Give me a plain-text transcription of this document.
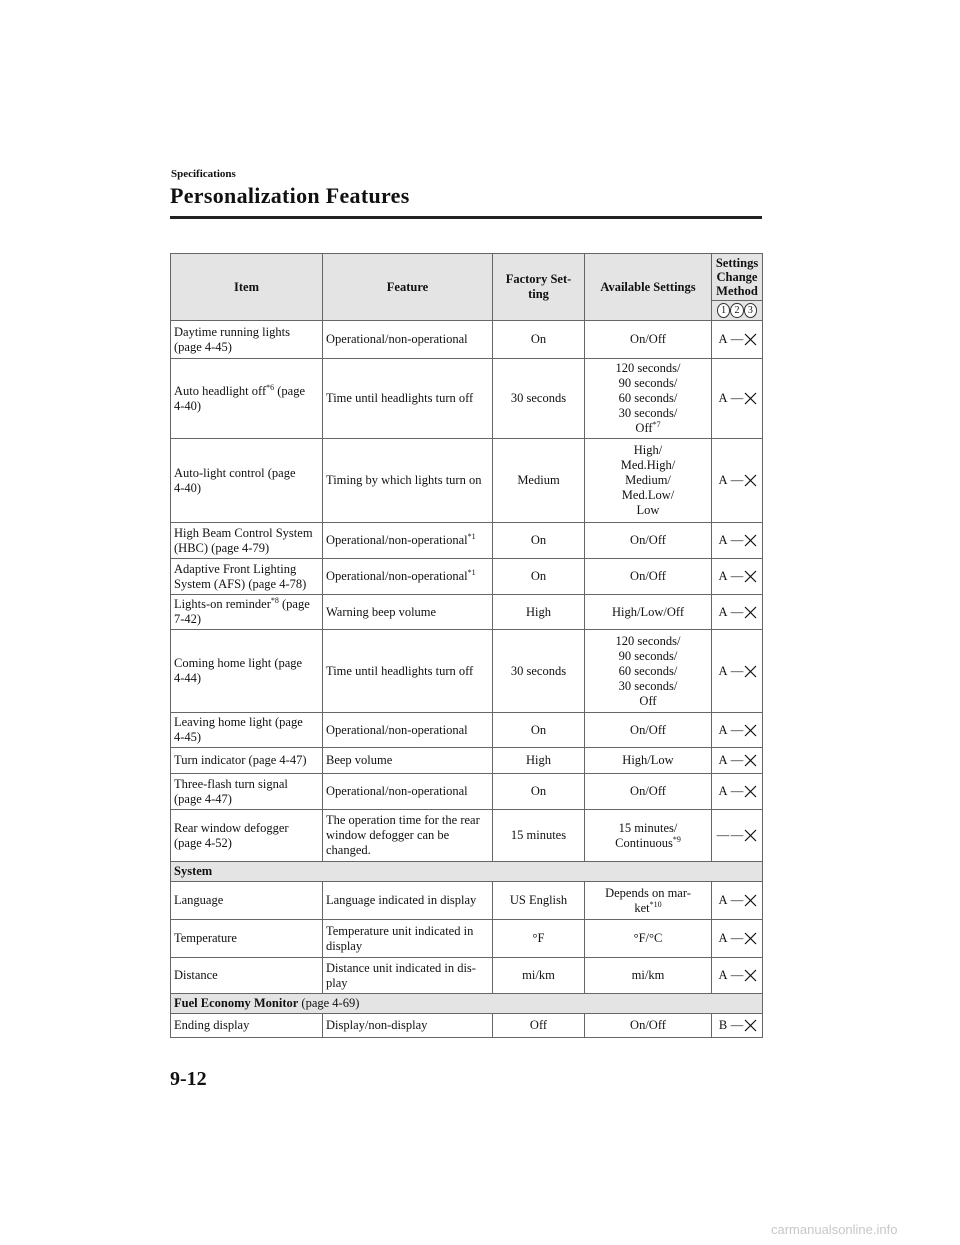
Specifications
Personalization Features
Item	Feature	Factory Set-
ting	Available Settings	Settings
Change
Method

				1 2 3

Daytime running lights
(page 4-45)	Operational/non-operational	On	On/Off	A —

Auto headlight off$^{*6}$ (page
4-40)	Time until headlights turn off	30 seconds	120 seconds/
90 seconds/
60 seconds/
30 seconds/
Off$^{*7}$	A —

Auto-light control (page
4-40)	Timing by which lights turn on	Medium	High/
Med.High/
Medium/
Med.Low/
Low	A —

High Beam Control System
(HBC) (page 4-79)	Operational/non-operational$^{*1}$	On	On/Off	A —

Adaptive Front Lighting
System (AFS) (page 4-78)	Operational/non-operational$^{*1}$	On	On/Off	A —

Lights-on reminder$^{*8}$ (page
7-42)	Warning beep volume	High	High/Low/Off	A —

Coming home light (page
4-44)	Time until headlights turn off	30 seconds	120 seconds/
90 seconds/
60 seconds/
30 seconds/
Off	A —

Leaving home light (page
4-45)	Operational/non-operational	On	On/Off	A —

Turn indicator (page 4-47)	Beep volume	High	High/Low	A —

Three-flash turn signal
(page 4-47)	Operational/non-operational	On	On/Off	A —

Rear window defogger
(page 4-52)	The operation time for the rear
window defogger can be
changed.	15 minutes	15 minutes/
Continuous$^{*9}$	— —

System				
Language	Language indicated in display	US English	Depends on mar-
ket$^{*10}$	A —

Temperature	Temperature unit indicated in
display	°F	°F/°C	A —

Distance	Distance unit indicated in dis-
play	mi/km	mi/km	A —

Fuel Economy Monitor (page 4-69)				
Ending display	Display/non-display	Off	On/Off	B —
9-12
carmanualsonline.info
